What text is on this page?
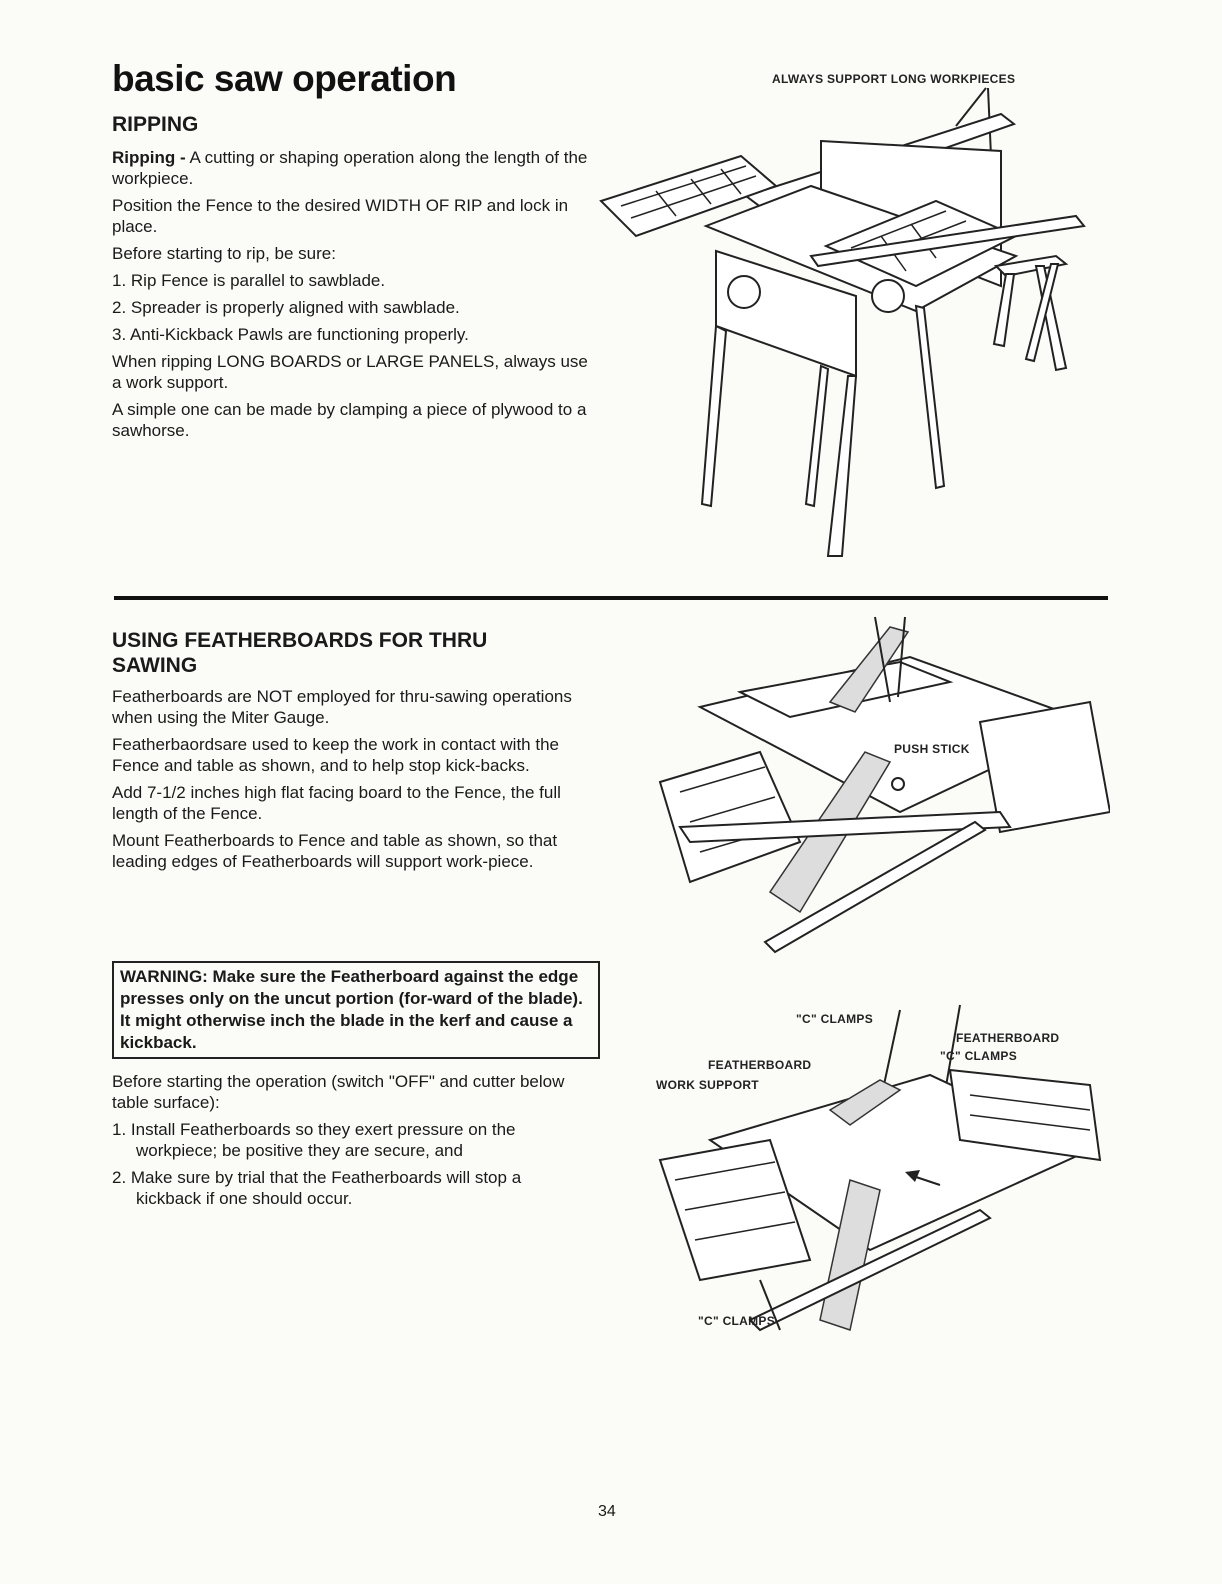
basic saw operation
RIPPING

Ripping - A cutting or shaping operation along the length of the workpiece.

Position the Fence to the desired WIDTH OF RIP and lock in place.

Before starting to rip, be sure:

1. Rip Fence is parallel to sawblade.

2. Spreader is properly aligned with sawblade.

3. Anti-Kickback Pawls are functioning properly.

When ripping LONG BOARDS or LARGE PANELS, always use a work support.

A simple one can be made by clamping a piece of plywood to a sawhorse.

ALWAYS SUPPORT LONG WORKPIECES
USING FEATHERBOARDS FOR THRU
SAWING

Featherboards are NOT employed for thru-sawing operations when using the Miter Gauge.

Featherbaordsare used to keep the work in contact with the Fence and table as shown, and to help stop kick-backs.

Add 7-1/2 inches high flat facing board to the Fence, the full length of the Fence.

Mount Featherboards to Fence and table as shown, so that leading edges of Featherboards will support work-piece.

WARNING: Make sure the Featherboard against the edge presses only on the uncut portion (for-ward of the blade). It might otherwise inch the blade in the kerf and cause a kickback.

Before starting the operation (switch "OFF" and cutter below table surface):

1. Install Featherboards so they exert pressure on the workpiece; be positive they are secure, and

2. Make sure by trial that the Featherboards will stop a kickback if one should occur.

PUSH STICK
"C" CLAMPS
FEATHERBOARD
"C" CLAMPS
FEATHERBOARD
WORK SUPPORT
"C" CLAMPS
34
